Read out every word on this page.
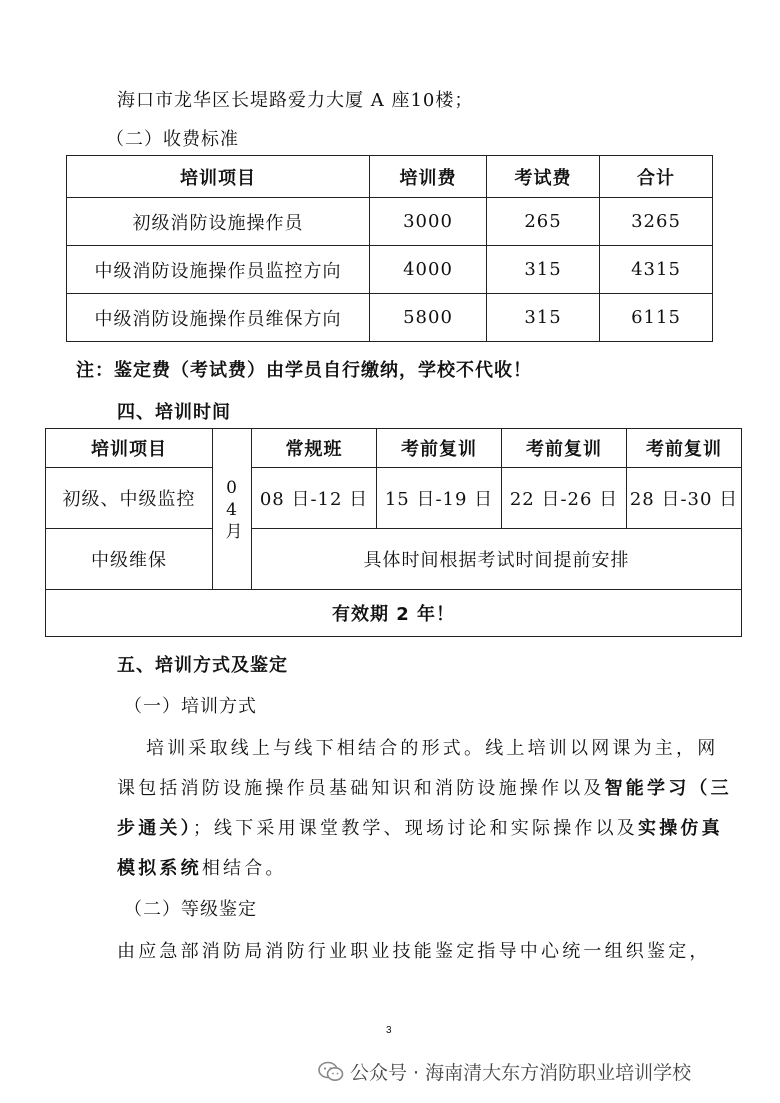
海口市龙华区长堤路爱力大厦 A 座10楼；
（二）收费标准
培训项目	培训费	考试费	合计
初级消防设施操作员	3000	265	3265
中级消防设施操作员监控方向	4000	315	4315
中级消防设施操作员维保方向	5800	315	6115
注：鉴定费（考试费）由学员自行缴纳，学校不代收！
四、培训时间
培训项目	04月	常规班	考前复训	考前复训	考前复训
初级、中级监控		08 日-12 日	15 日-19 日	22 日-26 日	28 日-30 日
中级维保		具体时间根据考试时间提前安排			
有效期 2 年！					
五、培训方式及鉴定
（一）培训方式
培训采取线上与线下相结合的形式。线上培训以网课为主，网
课包括消防设施操作员基础知识和消防设施操作以及智能学习（三
步通关）；线下采用课堂教学、现场讨论和实际操作以及实操仿真
模拟系统相结合。
（二）等级鉴定
由应急部消防局消防行业职业技能鉴定指导中心统一组织鉴定，
3
公众号 · 海南清大东方消防职业培训学校
